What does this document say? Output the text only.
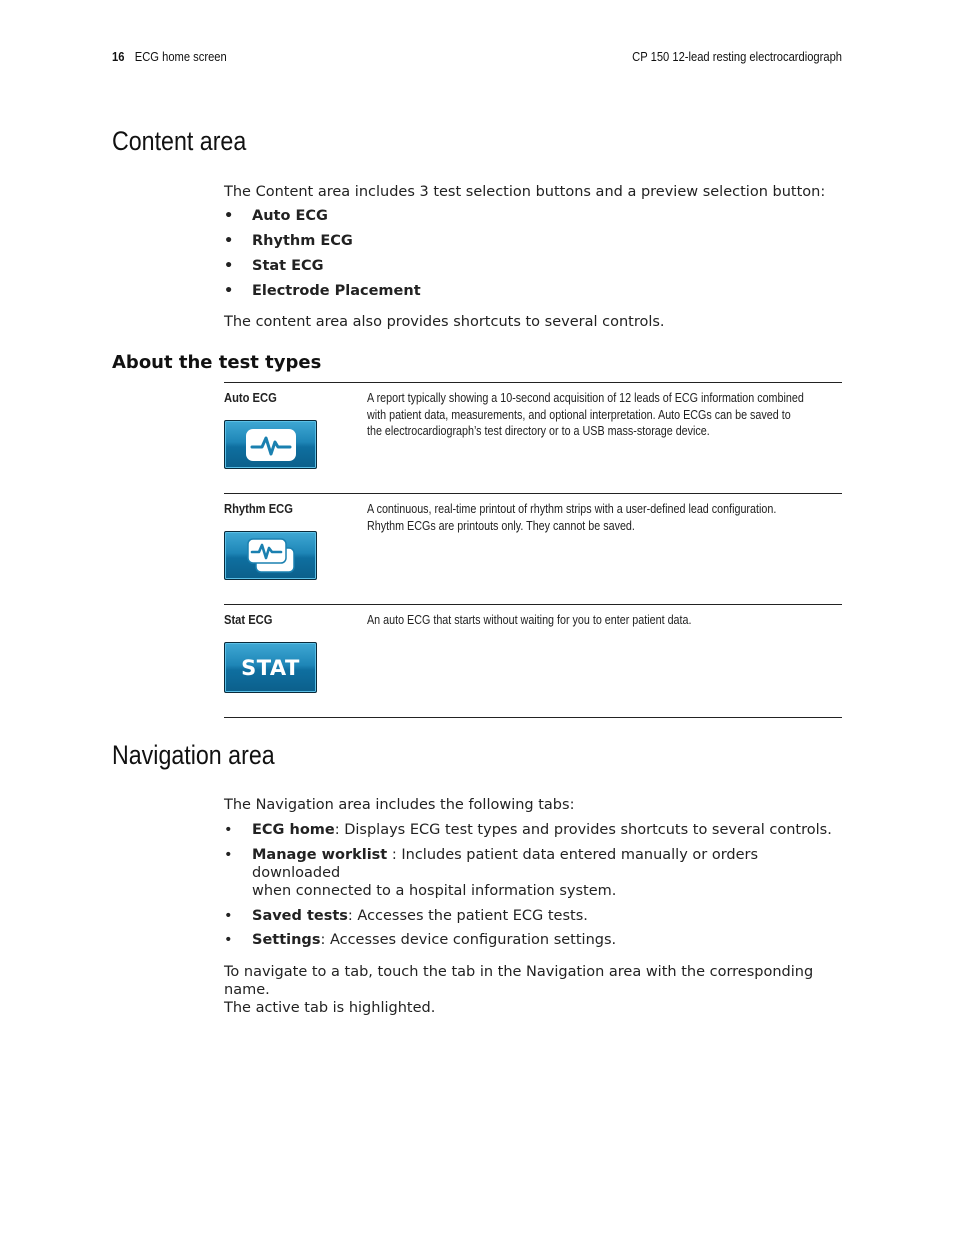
16 ECG home screen	CP 150 12-lead resting electrocardiograph
Content area

The Content area includes 3 test selection buttons and a preview selection button:

• Auto ECG
• Rhythm ECG
• Stat ECG
• Electrode Placement

The content area also provides shortcuts to several controls.

About the test types
Auto ECG	A report typically showing a 10-second acquisition of 12 leads of ECG information combined
with patient data, measurements, and optional interpretation. Auto ECGs can be saved to
the electrocardiograph’s test directory or to a USB mass-storage device.
Rhythm ECG	A continuous, real-time printout of rhythm strips with a user-defined lead configuration.
Rhythm ECGs are printouts only. They cannot be saved.
Stat ECG	An auto ECG that starts without waiting for you to enter patient data.
STAT
Navigation area

The Navigation area includes the following tabs:

• ECG home: Displays ECG test types and provides shortcuts to several controls.
• Manage worklist : Includes patient data entered manually or orders downloaded
when connected to a hospital information system.
• Saved tests: Accesses the patient ECG tests.
• Settings: Accesses device configuration settings.

To navigate to a tab, touch the tab in the Navigation area with the corresponding name.
The active tab is highlighted.
